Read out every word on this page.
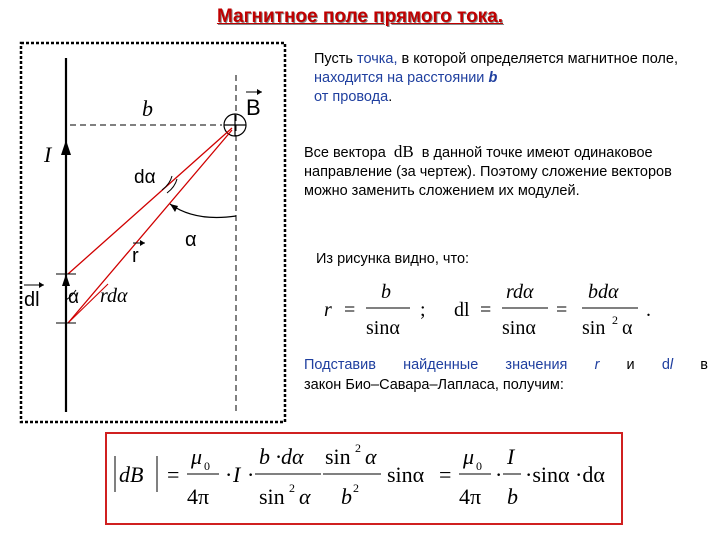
Магнитное поле прямого тока.
I
b	B
dα
α
r
dl α rdα
Пусть точка, в которой определяется магнитное поле, находится на расстоянии b
от провода.
Все вектора dB в данной точке имеют одинаковое направление (за чертеж). Поэтому сложение векторов можно заменить сложением их модулей.
Из рисунка видно, что:
r =
b
sinα
; dl =
rdα
sinα
=
bdα
sin 2 α
.
Подставив найденные значения r и dl в
закон Био–Савара–Лапласа, получим:
dB =
μ 0
4π
· I ·
b ·dα
sin 2 α
sin 2 α
b 2
sinα =
μ 0
4π
·
I
b
·sinα ·dα
